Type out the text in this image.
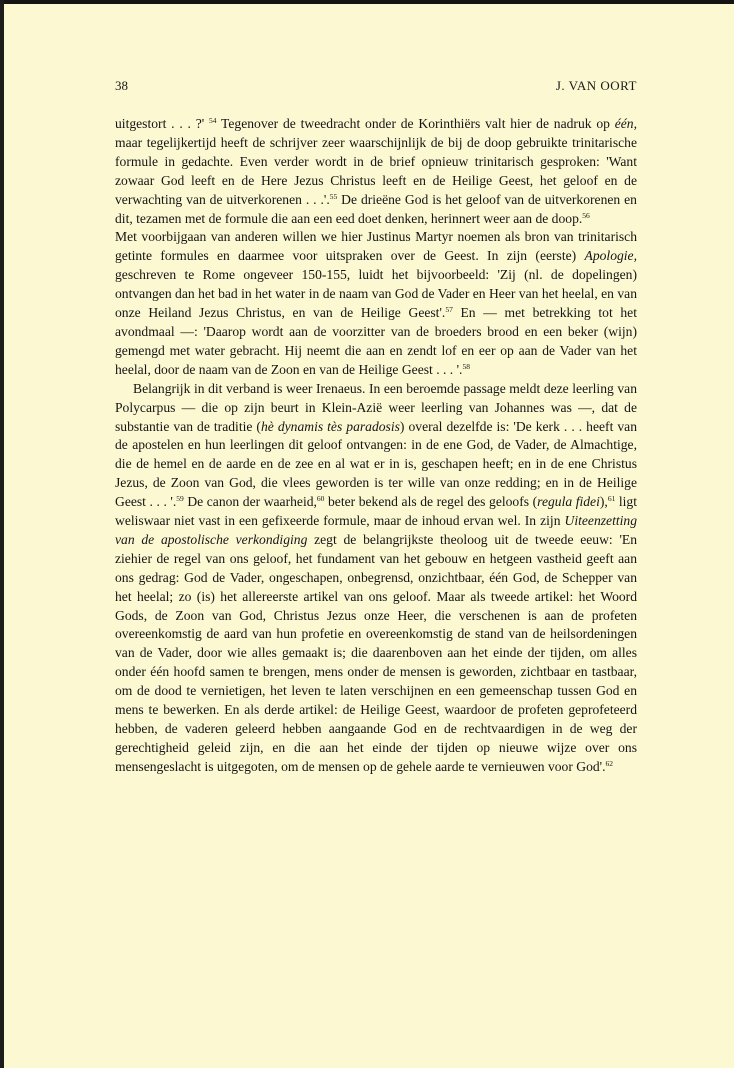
38	J. VAN OORT

uitgestort . . . ?' $^{54}$ Tegenover de tweedracht onder de Korinthiërs valt hier de nadruk op één, maar tegelijkertijd heeft de schrijver zeer waarschijnlijk de bij de doop gebruikte trinitarische formule in gedachte. Even verder wordt in de brief opnieuw trinitarisch gesproken: 'Want zowaar God leeft en de Here Jezus Christus leeft en de Heilige Geest, het geloof en de verwachting van de uitverkorenen . . .'.$^{55}$ De drieëne God is het geloof van de uitverkorenen en dit, tezamen met de formule die aan een eed doet denken, herinnert weer aan de doop.$^{56}$

Met voorbijgaan van anderen willen we hier Justinus Martyr noemen als bron van trinitarisch getinte formules en daarmee voor uitspraken over de Geest. In zijn (eerste) Apologie, geschreven te Rome ongeveer 150-155, luidt het bijvoorbeeld: 'Zij (nl. de dopelingen) ontvangen dan het bad in het water in de naam van God de Vader en Heer van het heelal, en van onze Heiland Jezus Christus, en van de Heilige Geest'.$^{57}$ En — met betrekking tot het avondmaal —: 'Daarop wordt aan de voorzitter van de broeders brood en een beker (wijn) gemengd met water gebracht. Hij neemt die aan en zendt lof en eer op aan de Vader van het heelal, door de naam van de Zoon en van de Heilige Geest . . . '.$^{58}$

Belangrijk in dit verband is weer Irenaeus. In een beroemde passage meldt deze leerling van Polycarpus — die op zijn beurt in Klein-Azië weer leerling van Johannes was —, dat de substantie van de traditie (hè dynamis tès paradosis) overal dezelfde is: 'De kerk . . . heeft van de apostelen en hun leerlingen dit geloof ontvangen: in de ene God, de Vader, de Almachtige, die de hemel en de aarde en de zee en al wat er in is, geschapen heeft; en in de ene Christus Jezus, de Zoon van God, die vlees geworden is ter wille van onze redding; en in de Heilige Geest . . . '.$^{59}$ De canon der waarheid,$^{60}$ beter bekend als de regel des geloofs (regula fidei),$^{61}$ ligt weliswaar niet vast in een gefixeerde formule, maar de inhoud ervan wel. In zijn Uiteenzetting van de apostolische verkondiging zegt de belangrijkste theoloog uit de tweede eeuw: 'En ziehier de regel van ons geloof, het fundament van het gebouw en hetgeen vastheid geeft aan ons gedrag: God de Vader, ongeschapen, onbegrensd, onzichtbaar, één God, de Schepper van het heelal; zo (is) het allereerste artikel van ons geloof. Maar als tweede artikel: het Woord Gods, de Zoon van God, Christus Jezus onze Heer, die verschenen is aan de profeten overeenkomstig de aard van hun profetie en overeenkomstig de stand van de heilsordeningen van de Vader, door wie alles gemaakt is; die daarenboven aan het einde der tijden, om alles onder één hoofd samen te brengen, mens onder de mensen is geworden, zichtbaar en tastbaar, om de dood te vernietigen, het leven te laten verschijnen en een gemeenschap tussen God en mens te bewerken. En als derde artikel: de Heilige Geest, waardoor de profeten geprofeteerd hebben, de vaderen geleerd hebben aangaande God en de rechtvaardigen in de weg der gerechtigheid geleid zijn, en die aan het einde der tijden op nieuwe wijze over ons mensengeslacht is uitgegoten, om de mensen op de gehele aarde te vernieuwen voor God'.$^{62}$
